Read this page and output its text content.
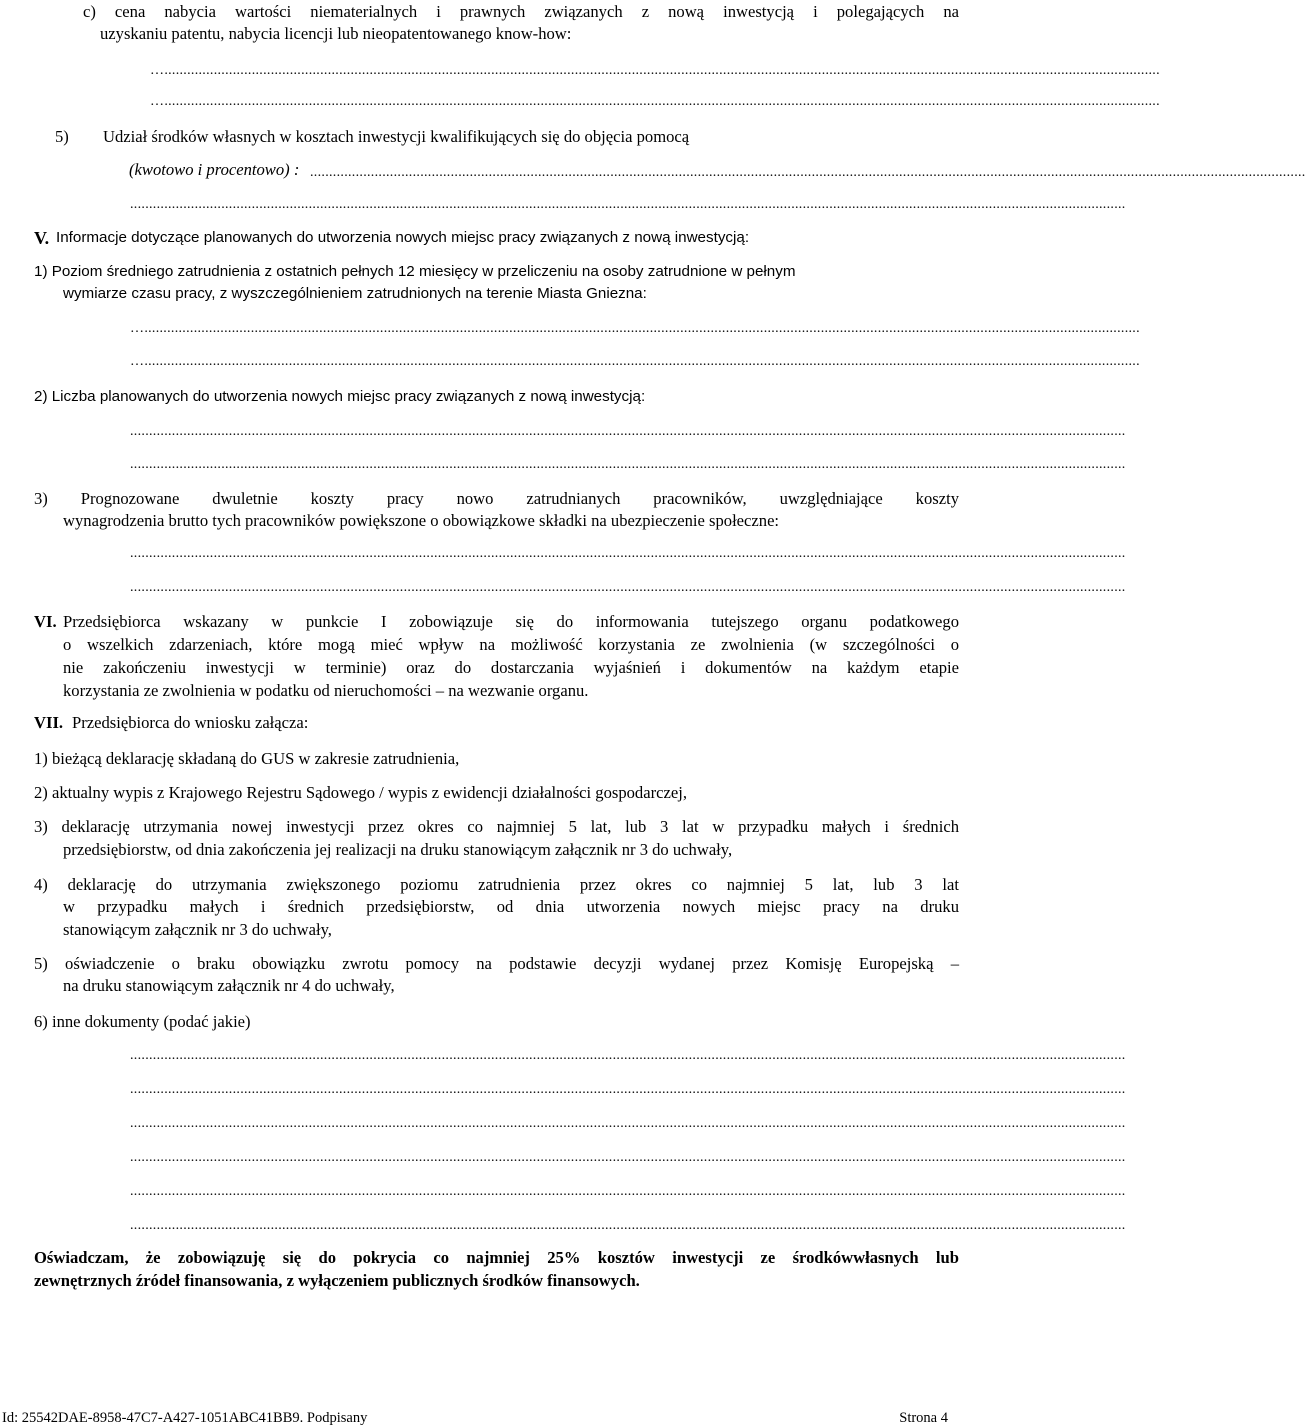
c) cena nabycia wartości niematerialnych i prawnych związanych z nową inwestycją i polegających na
uzyskaniu patentu, nabycia licencji lub nieopatentowanego know-how:
…......................................................................................................................................................................................................................................................................
…......................................................................................................................................................................................................................................................................
5) Udział środków własnych w kosztach inwestycji kwalifikujących się do objęcia pomocą
(kwotowo i procentowo) : ......................................................................................................................................................................................................................................................................
......................................................................................................................................................................................................................................................................
V. Informacje dotyczące planowanych do utworzenia nowych miejsc pracy związanych z nową inwestycją:
1) Poziom średniego zatrudnienia z ostatnich pełnych 12 miesięcy w przeliczeniu na osoby zatrudnione w pełnym
wymiarze czasu pracy, z wyszczególnieniem zatrudnionych na terenie Miasta Gniezna:
…......................................................................................................................................................................................................................................................................
…......................................................................................................................................................................................................................................................................
2) Liczba planowanych do utworzenia nowych miejsc pracy związanych z nową inwestycją:
......................................................................................................................................................................................................................................................................
......................................................................................................................................................................................................................................................................
3) Prognozowane dwuletnie koszty pracy nowo zatrudnianych pracowników, uwzględniające koszty
wynagrodzenia brutto tych pracowników powiększone o obowiązkowe składki na ubezpieczenie społeczne:
......................................................................................................................................................................................................................................................................
......................................................................................................................................................................................................................................................................
VI. Przedsiębiorca wskazany w punkcie I zobowiązuje się do informowania tutejszego organu podatkowego
o wszelkich zdarzeniach, które mogą mieć wpływ na możliwość korzystania ze zwolnienia (w szczególności o
nie zakończeniu inwestycji w terminie) oraz do dostarczania wyjaśnień i dokumentów na każdym etapie
korzystania ze zwolnienia w podatku od nieruchomości – na wezwanie organu.
VII. Przedsiębiorca do wniosku załącza:
1) bieżącą deklarację składaną do GUS w zakresie zatrudnienia,
2) aktualny wypis z Krajowego Rejestru Sądowego / wypis z ewidencji działalności gospodarczej,
3) deklarację utrzymania nowej inwestycji przez okres co najmniej 5 lat, lub 3 lat w przypadku małych i średnich
przedsiębiorstw, od dnia zakończenia jej realizacji na druku stanowiącym załącznik nr 3 do uchwały,
4) deklarację do utrzymania zwiększonego poziomu zatrudnienia przez okres co najmniej 5 lat, lub 3 lat
w przypadku małych i średnich przedsiębiorstw, od dnia utworzenia nowych miejsc pracy na druku
stanowiącym załącznik nr 3 do uchwały,
5) oświadczenie o braku obowiązku zwrotu pomocy na podstawie decyzji wydanej przez Komisję Europejską –
na druku stanowiącym załącznik nr 4 do uchwały,
6) inne dokumenty (podać jakie)
......................................................................................................................................................................................................................................................................
......................................................................................................................................................................................................................................................................
......................................................................................................................................................................................................................................................................
......................................................................................................................................................................................................................................................................
......................................................................................................................................................................................................................................................................
......................................................................................................................................................................................................................................................................
Oświadczam, że zobowiązuję się do pokrycia co najmniej 25% kosztów inwestycji ze środkówwłasnych lub
zewnętrznych źródeł finansowania, z wyłączeniem publicznych środków finansowych.
Id: 25542DAE-8958-47C7-A427-1051ABC41BB9. Podpisany	Strona 4
